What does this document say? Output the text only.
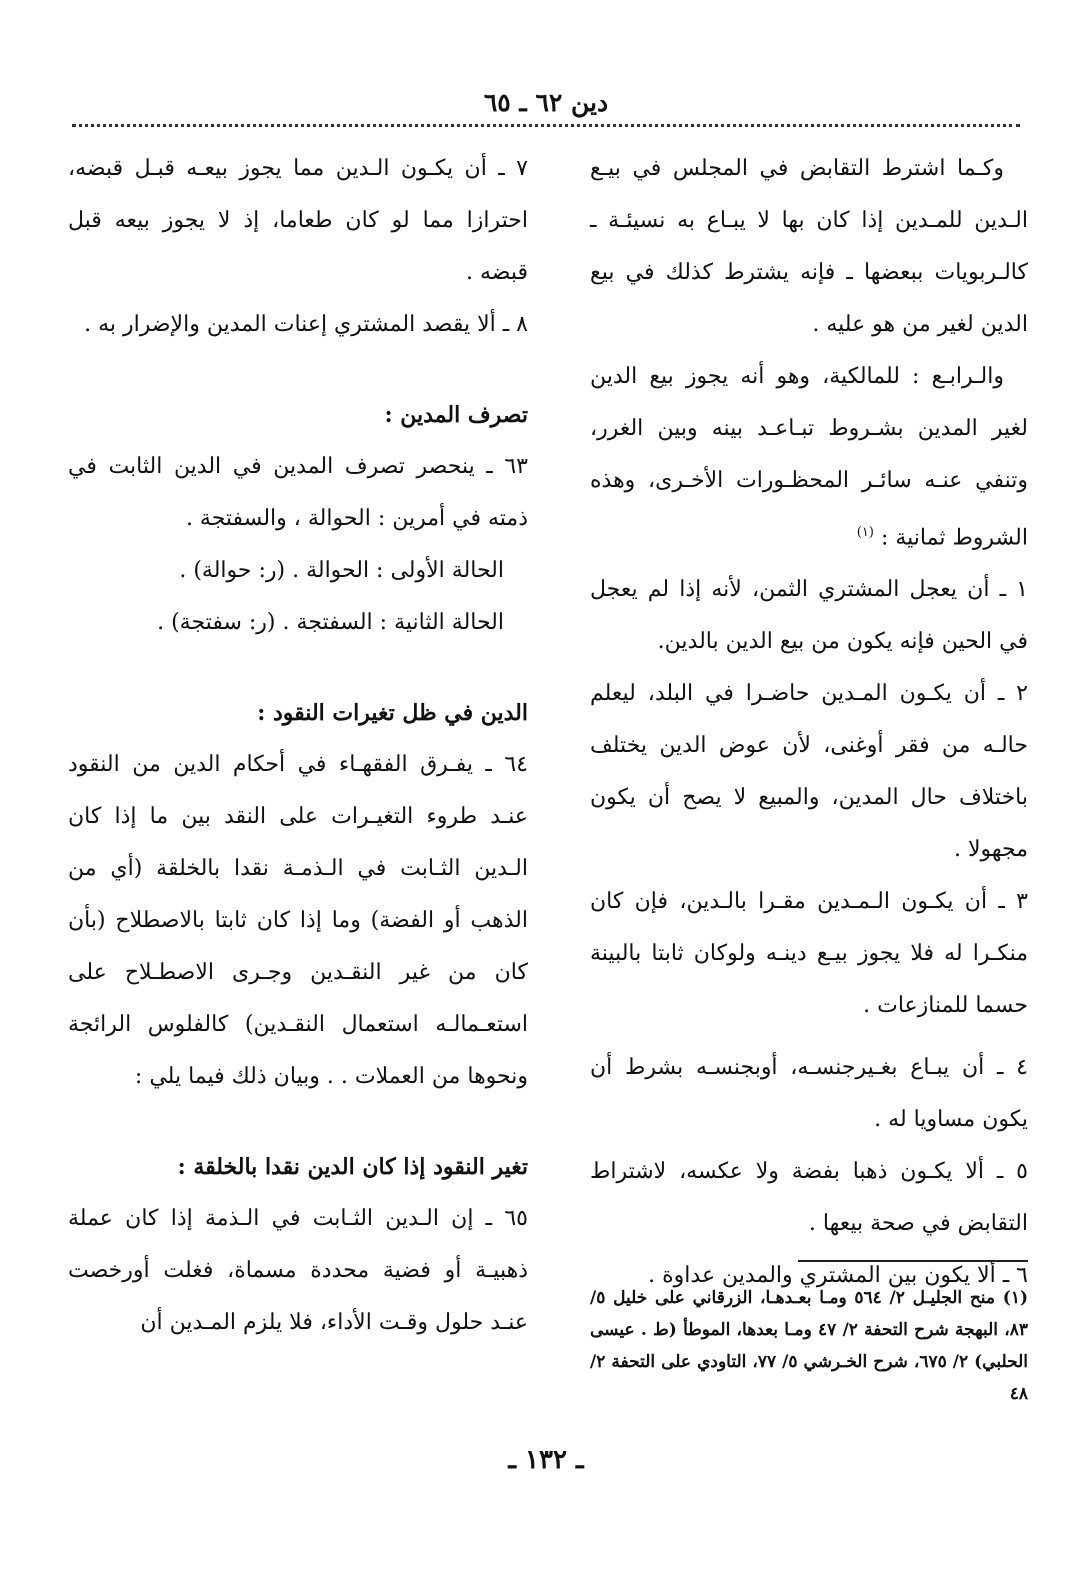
دين ٦٢ ـ ٦٥

وكـما اشترط التقابض في المجلس في بيـع الـدين للمـدين إذا كان بها لا يبـاع به نسيئـة ـ كالـربويات ببعضها ـ فإنه يشترط كذلك في بيع الدين لغير من هو عليه .

والـرابـع : للمالكية، وهو أنه يجوز بيع الدين لغير المدين بشـروط تبـاعـد بينه وبين الغرر، وتنفي عنـه سائـر المحظـورات الأخـرى، وهذه الشروط ثمانية : $^{(١)}$

١ ـ أن يعجل المشتري الثمن، لأنه إذا لم يعجل في الحين فإنه يكون من بيع الدين بالدين.

٢ ـ أن يكـون المـدين حاضـرا في البلد، ليعلم حالـه من فقر أوغنى، لأن عوض الدين يختلف باختلاف حال المدين، والمبيع لا يصح أن يكون مجهولا .

٣ ـ أن يكـون الـمـدين مقـرا بالـدين، فإن كان منكـرا له فلا يجوز بيـع دينـه ولوكان ثابتا بالبينة حسما للمنازعات .

٤ ـ أن يبـاع بغـيرجنسـه، أوبجنسـه بشرط أن يكون مساويا له .

٥ ـ ألا يكـون ذهبا بفضة ولا عكسه، لاشتراط التقابض في صحة بيعها .

٦ ـ ألا يكون بين المشتري والمدين عداوة .

٧ ـ أن يكـون الـدين مما يجوز بيعـه قبـل قبضه، احترازا مما لو كان طعاما، إذ لا يجوز بيعه قبل قبضه .

٨ ـ ألا يقصد المشتري إعنات المدين والإضرار به .

تصرف المدين :

٦٣ ـ ينحصر تصرف المدين في الدين الثابت في ذمته في أمرين : الحوالة ، والسفتجة .

الحالة الأولى : الحوالة . (ر: حوالة) .

الحالة الثانية : السفتجة . (ر: سفتجة) .

الدين في ظل تغيرات النقود :

٦٤ ـ يفـرق الفقهـاء في أحكام الدين من النقود عنـد طروء التغيـرات على النقد بين ما إذا كان الـدين الثـابت في الـذمـة نقدا بالخلقة (أي من الذهب أو الفضة) وما إذا كان ثابتا بالاصطلاح (بأن كان من غير النقـدين وجـرى الاصطـلاح على استعـمالـه استعمال النقـدين) كالفلوس الرائجة ونحوها من العملات . . وبيان ذلك فيما يلي :

تغير النقود إذا كان الدين نقدا بالخلقة :

٦٥ ـ إن الـدين الثـابت في الـذمة إذا كان عملة ذهبيـة أو فضية محددة مسماة، فغلت أورخصت عنـد حلول وقـت الأداء، فلا يلزم المـدين أن

(١) منح الجليـل ٢/ ٥٦٤ ومـا بعـدهـا، الزرقاني على خليل ٥/ ٨٣، البهجة شرح التحفة ٢/ ٤٧ ومـا بعدها، الموطأ (ط . عيسى الحلبي) ٢/ ٦٧٥، شرح الخـرشي ٥/ ٧٧، التاودي على التحفة ٢/ ٤٨

ـ ١٣٢ ـ
